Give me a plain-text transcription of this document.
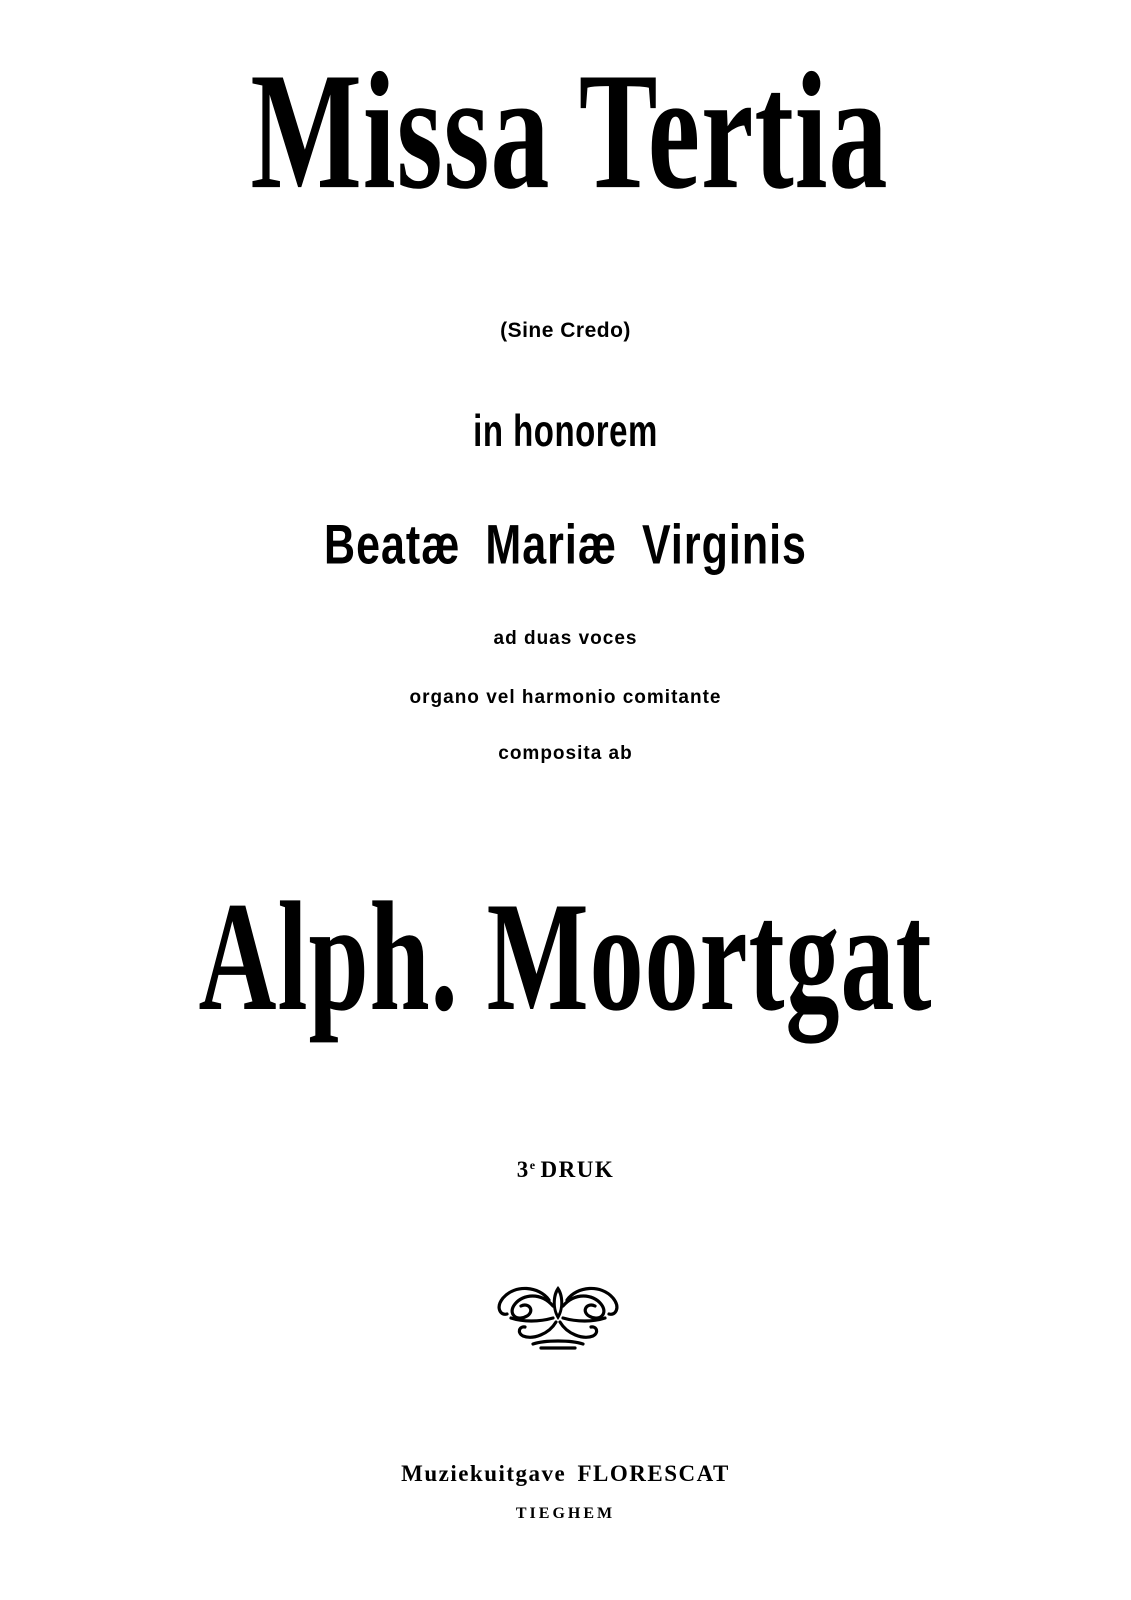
Missa Tertia
(Sine Credo)
in honorem
Beatæ Mariæ Virginis
ad duas voces
organo vel harmonio comitante
composita ab
Alph. Moortgat
3e DRUK
Muziekuitgave FLORESCAT
TIEGHEM
